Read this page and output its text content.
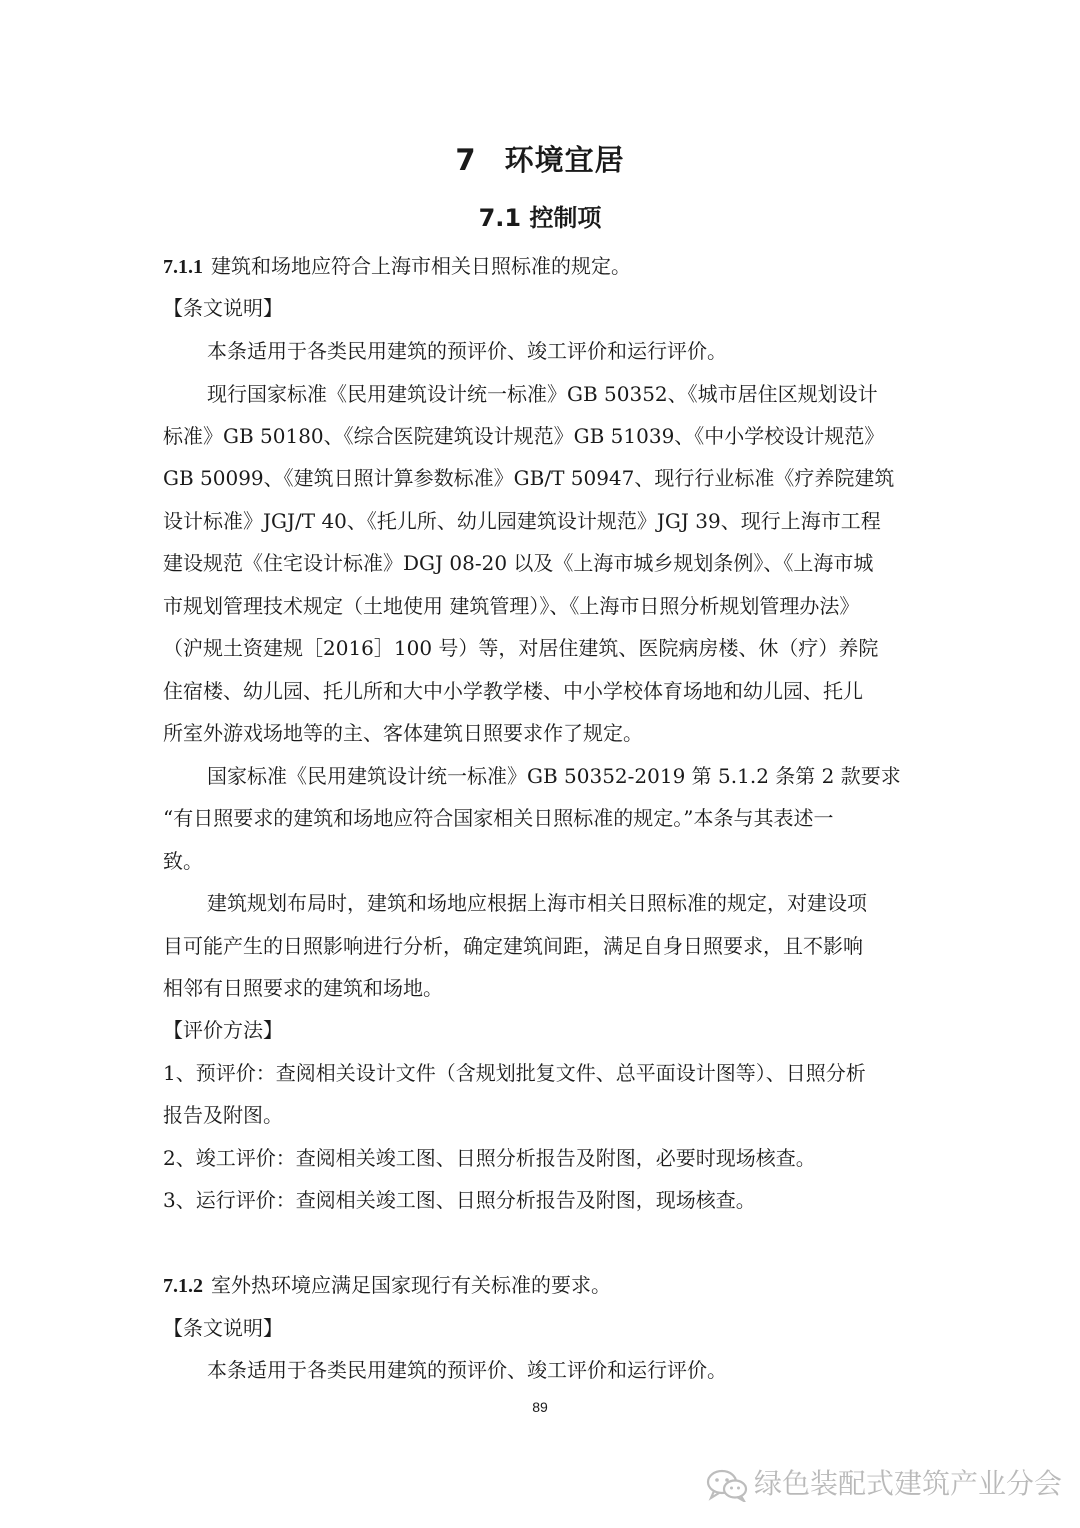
7 环境宜居
7.1 控制项
7.1.1 建筑和场地应符合上海市相关日照标准的规定。
【条文说明】
本条适用于各类民用建筑的预评价、竣工评价和运行评价。
现行国家标准《民用建筑设计统一标准》GB 50352、《城市居住区规划设计
标准》GB 50180、《综合医院建筑设计规范》GB 51039、《中小学校设计规范》
GB 50099、《建筑日照计算参数标准》GB/T 50947、现行行业标准《疗养院建筑
设计标准》JGJ/T 40、《托儿所、幼儿园建筑设计规范》JGJ 39、现行上海市工程
建设规范《住宅设计标准》DGJ 08-20 以及《上海市城乡规划条例》、《上海市城
市规划管理技术规定（土地使用 建筑管理）》、《上海市日照分析规划管理办法》
（沪规土资建规［2016］100 号）等，对居住建筑、医院病房楼、休（疗）养院
住宿楼、幼儿园、托儿所和大中小学教学楼、中小学校体育场地和幼儿园、托儿
所室外游戏场地等的主、客体建筑日照要求作了规定。
国家标准《民用建筑设计统一标准》GB 50352-2019 第 5.1.2 条第 2 款要求
“有日照要求的建筑和场地应符合国家相关日照标准的规定。”本条与其表述一
致。
建筑规划布局时，建筑和场地应根据上海市相关日照标准的规定，对建设项
目可能产生的日照影响进行分析，确定建筑间距，满足自身日照要求，且不影响
相邻有日照要求的建筑和场地。
【评价方法】
1、预评价：查阅相关设计文件（含规划批复文件、总平面设计图等）、日照分析
报告及附图。
2、竣工评价：查阅相关竣工图、日照分析报告及附图，必要时现场核查。
3、运行评价：查阅相关竣工图、日照分析报告及附图，现场核查。
7.1.2 室外热环境应满足国家现行有关标准的要求。
【条文说明】
本条适用于各类民用建筑的预评价、竣工评价和运行评价。
89
绿色装配式建筑产业分会
